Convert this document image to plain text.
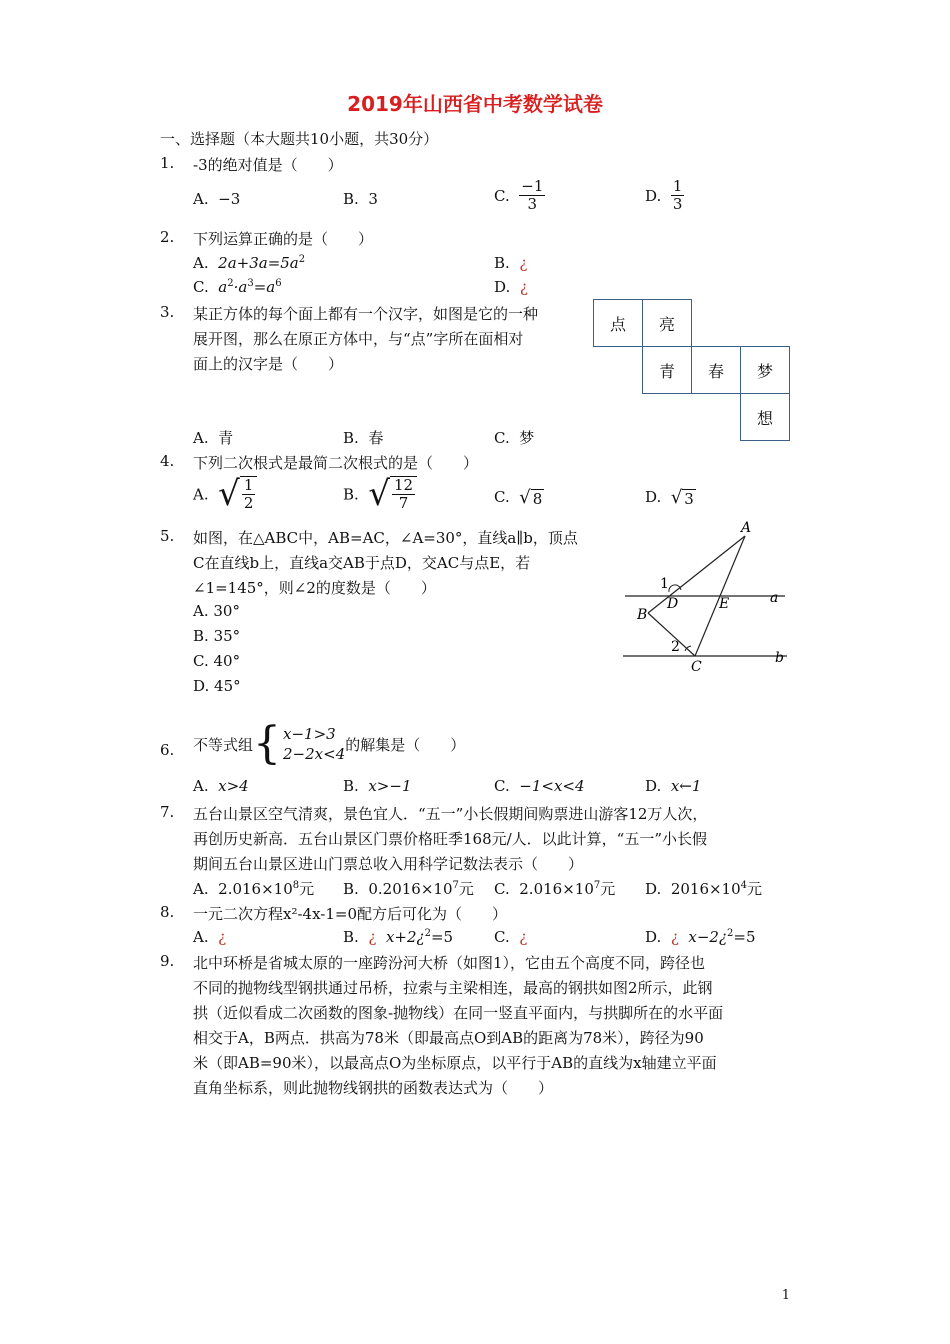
2019年山西省中考数学试卷
一、选择题（本大题共10小题，共30分）
1. -3的绝对值是（　　）
A. −3	B. 3	C. $\frac{-1}{3}$	D. $\frac{1}{3}$
2. 下列运算正确的是（　　）
A. $2a+3a=5a^2$	B. ¿
C. $a^2\cdot a^3=a^6$	D. ¿
3. 某正方体的每个面上都有一个汉字，如图是它的一种
展开图，那么在原正方体中，与“点”字所在面相对
面上的汉字是（　　）
点	亮		
	青	春	梦
			想
A. 青	B. 春	C. 梦
4. 下列二次根式是最简二次根式的是（　　）
A. √ $\frac{1}{2}$	B. √ $\frac{12}{7}$	C. √ 8	D. √ 3
5. 如图，在△ABC中，AB=AC，∠A=30°，直线a∥b，顶点
C在直线b上，直线a交AB于点D，交AC与点E，若
∠1=145°，则∠2的度数是（　　）
A. 30°
B. 35°
C. 40°
D. 45°
A
B
C
D	E	a
b
1
2
6. 不等式组 { x−1>3
2−2x<4
的解集是（　　）
A. x>4	B. x>−1	C. −1<x<4	D. x←1
7. 五台山景区空气清爽，景色宜人．“五一”小长假期间购票进山游客12万人次，
再创历史新高．五台山景区门票价格旺季168元/人．以此计算，“五一”小长假
期间五台山景区进山门票总收入用科学记数法表示（　　）
A. $2.016\times 10^8$元 B. $0.2016\times 10^7$元 C. $2.016\times 10^7$元 D. $2016\times 10^4$元
8. 一元二次方程x²-4x-1=0配方后可化为（　　）
A. ¿	B. ¿ x+2¿$^2$=5	C. ¿	D. ¿ x−2¿$^2$=5
9. 北中环桥是省城太原的一座跨汾河大桥（如图1），它由五个高度不同，跨径也
不同的抛物线型钢拱通过吊桥，拉索与主梁相连，最高的钢拱如图2所示，此钢
拱（近似看成二次函数的图象-抛物线）在同一竖直平面内，与拱脚所在的水平面
相交于A，B两点．拱高为78米（即最高点O到AB的距离为78米），跨径为90
米（即AB=90米），以最高点O为坐标原点，以平行于AB的直线为x轴建立平面
直角坐标系，则此抛物线钢拱的函数表达式为（　　）
1
